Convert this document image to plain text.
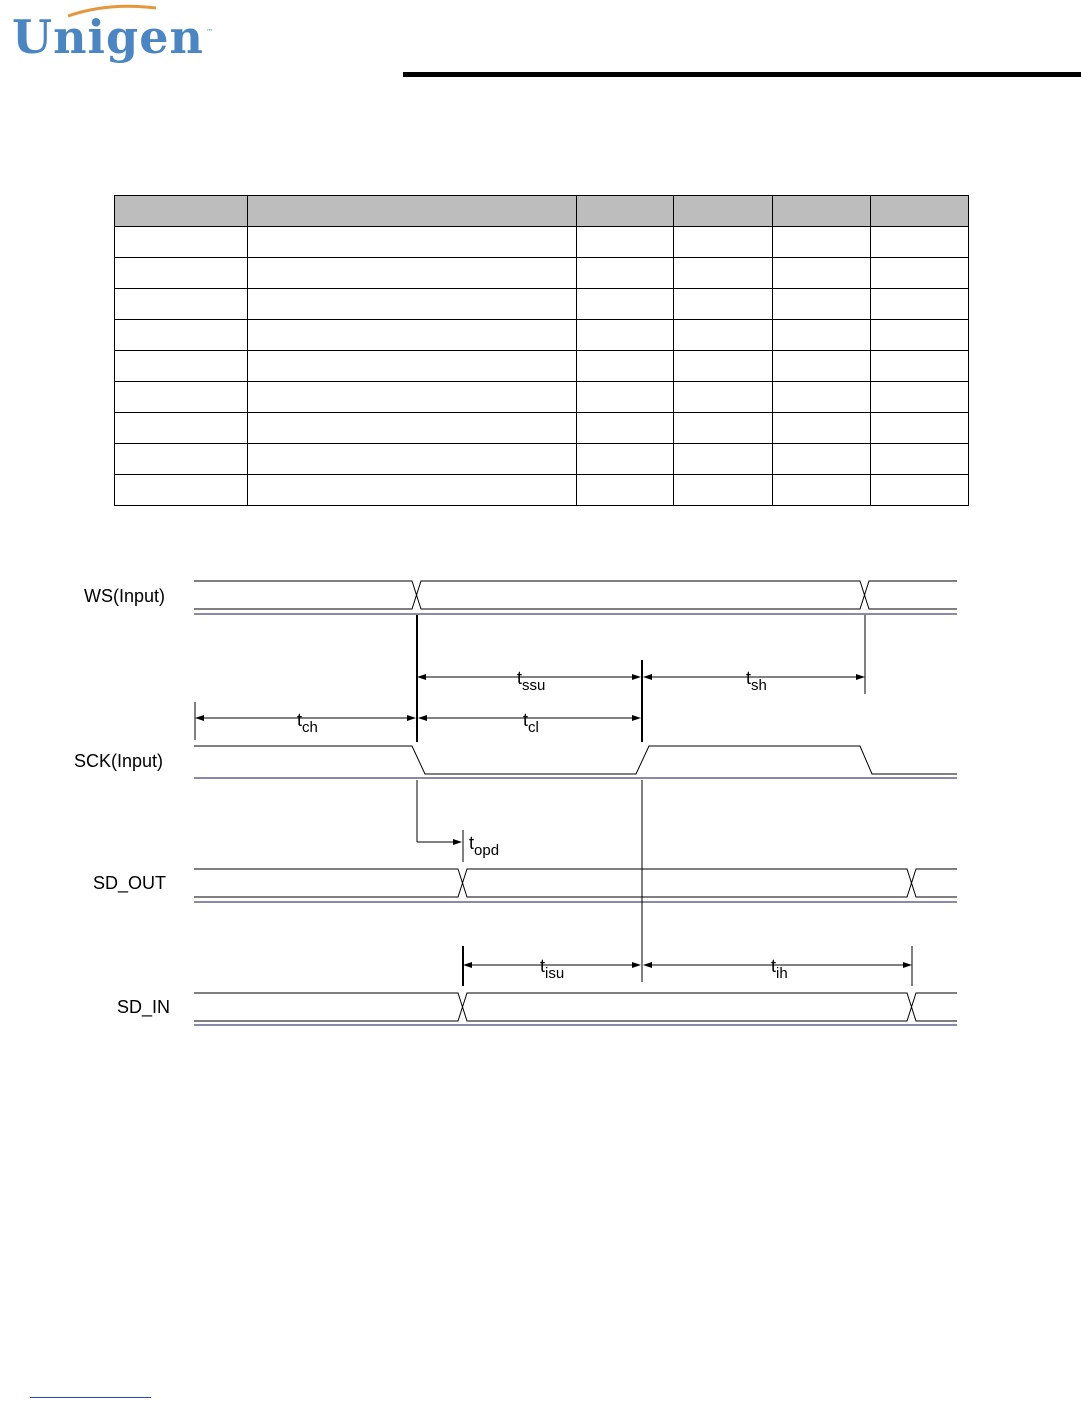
Unigen ™

WS(Input)
SCK(Input)
SD_OUT
SD_IN
tssu	tsh
tch	tcl
topd
tisu	tih
